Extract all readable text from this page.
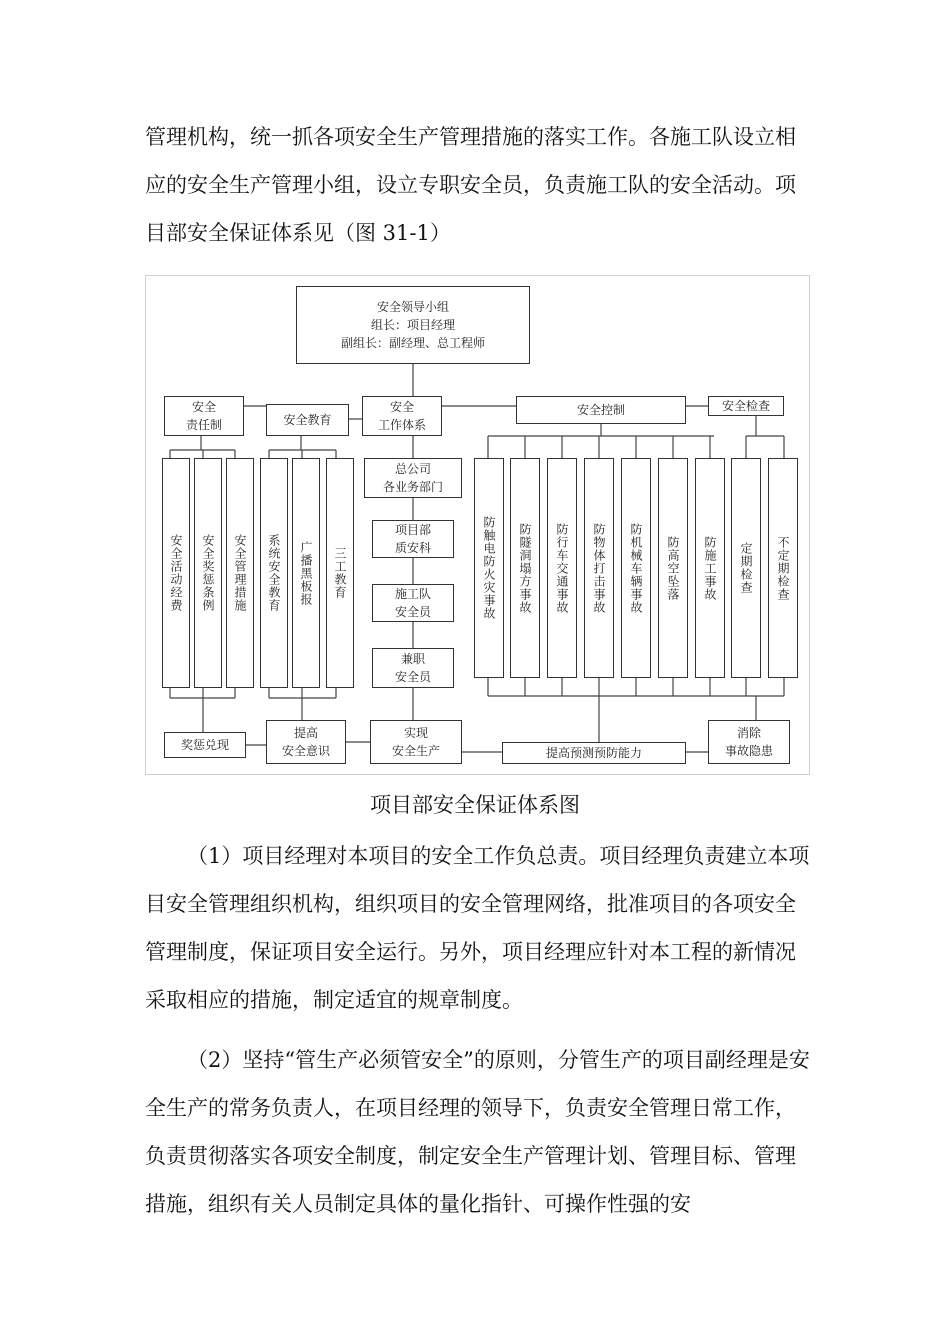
管理机构，统一抓各项安全生产管理措施的落实工作。各施工队设立相应的安全生产管理小组，设立专职安全员，负责施工队的安全活动。项目部安全保证体系见（图 31-1）

安全领导小组
组长：项目经理
副组长：副经理、总工程师
安全
责任制	安全教育
安全
工作体系
安全控制	安全检查
安全活动经费	安全奖惩条例	安全管理措施	系统安全教育	广播黑板报	三工教育
总公司
各业务部门
项目部
质安科
施工队
安全员
兼职
安全员
防触电防火灾事故	防隧洞塌方事故	防行车交通事故	防物体打击事故	防机械车辆事故	防高空坠落	防施工事故	定期检查	不定期检查
奖惩兑现
提高
安全意识
实现
安全生产	提高预测预防能力
消除
事故隐患

项目部安全保证体系图

（1）项目经理对本项目的安全工作负总责。项目经理负责建立本项目安全管理组织机构，组织项目的安全管理网络，批准项目的各项安全管理制度，保证项目安全运行。另外，项目经理应针对本工程的新情况采取相应的措施，制定适宜的规章制度。

（2）坚持“管生产必须管安全”的原则，分管生产的项目副经理是安全生产的常务负责人，在项目经理的领导下，负责安全管理日常工作，负责贯彻落实各项安全制度，制定安全生产管理计划、管理目标、管理措施，组织有关人员制定具体的量化指针、可操作性强的安
